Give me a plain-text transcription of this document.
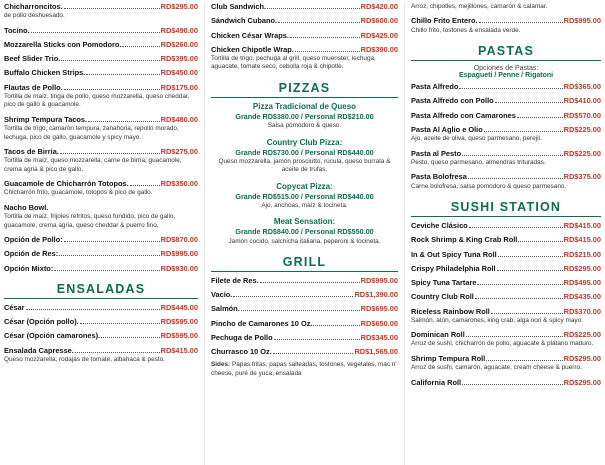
Chicharroncitos.	RD$295.00
de pollo deshuesado.
Tocino.	RD$490.00
Mozzarella Sticks con Pomodoro.	RD$260.00
Beef Slider Trio.	RD$395.00
Buffalo Chicken Strips.	RD$450.00
Flautas de Pollo.	RD$175.00
Tortilla de maíz, tinga de pollo, queso mozzarella, queso cheddar, pico de gallo & guacamole.
Shrimp Tempura Tacos.	RD$480.00
Tortilla de trigo, camarón tempura, zanahoria, repollo morado, lechuga, pico de gallo, guacamole y spicy mayo.
Tacos de Birria.	RD$275.00
Tortilla de maíz, queso mozzarella, carne de birria, guacamole, crema agria & pico de gallo.
Guacamole de Chicharrón Totopos.	RD$350.00
Chicharrón frito, guacamole, totopos & pico de gallo.
Nacho Bowl.
Tortilla de maíz, frijoles refritos, queso fundido, pico de gallo, guacamole, crema agria, queso cheddar & puerro fino.
Opción de Pollo:	RD$870.00
Opción de Res:	RD$995.00
Opción Mixto:	RD$930.00
ENSALADAS
César	RD$445.00
César (Opción pollo).	RD$595.00
César (Opción camarones).	RD$595.00
Ensalada Capresse.	RD$415.00
Queso mozzarella, rodajas de tomate, albahaca & pesto.
Club Sandwich.	RD$420.00
Sándwich Cubano.	RD$600.00
Chicken César Wraps.	RD$425.00
Chicken Chipotle Wrap.	RD$390.00
Tortilla de trigo, pechuga al grill, queso muenster, lechuga, aguacate, tomate seco, cebolla roja & chipotle.
PIZZAS
Pizza Tradicional de Queso
Grande RD$380.00 / Personal RD$210.00
Salsa pomodoro & queso.
Country Club Pizza:
Grande RD$730.00 / Personal RD$440.00
Queso mozzarella, jamón prosciutto, rúcula, queso burrata & aceite de trufas.
Copycat Pizza:
Grande RD$515.00 / Personal RD$440.00
Ajo, anchoas, maíz & tocineta.
Meat Sensation:
Grande RD$840.00 / Personal RD$550.00
Jamón cocido, salchicha italiana, peperoni & tocineta.
GRILL
Filete de Res.	RD$995.00
Vacío.	RD$1,390.00
Salmón.	RD$695.00
Pincho de Camarones 10 Oz.	RD$650.00
Pechuga de Pollo	RD$345.00
Churrasco 10 Oz.	RD$1,565.00
Sides: Papas fritas, papas salteadas, tostones, vegetales, mac n' cheese, puré de yuca, ensalada
Arroz, chipotles, mejillones, camarón & calamar.
Chillo Frito Entero.	RD$995.00
Chillo frito, tostones & ensalada verde.
PASTAS
Opciones de Pastas:
Espagueti / Penne / Rigatoni
Pasta Alfredo	RD$365.00
Pasta Alfredo con Pollo	RD$410.00
Pasta Alfredo con Camarones	RD$570.00
Pasta Al Aglio e Olio	RD$225.00
Ajo, aceite de oliva, queso parmesano, perejil.
Pasta al Pesto	RD$225.00
Pesto, queso parmesano, almendras trituradas.
Pasta Bolofresa	RD$375.00
Carne bolofresa, salsa pomodoro & queso parmesano.
SUSHI STATION
Ceviche Clásico	RD$415.00
Rock Shrimp & King Crab Roll	RD$415.00
In & Out Spicy Tuna Roll	RD$215.00
Crispy Philadelphia Roll	RD$295.00
Spicy Tuna Tartare	RD$495.00
Country Club Roll	RD$435.00
Riceless Rainbow Roll	RD$370.00
Salmón, atún, camarones, king crab, alga nori & spicy mayo.
Dominican Roll	RD$225.00
Arroz de sushi, chicharrón de pollo, aguacate & plátano maduro.
Shrimp Tempura Roll	RD$295.00
Arroz de sushi, camarón, aguacate, cream cheese & puerro.
California Roll	RD$295.00
